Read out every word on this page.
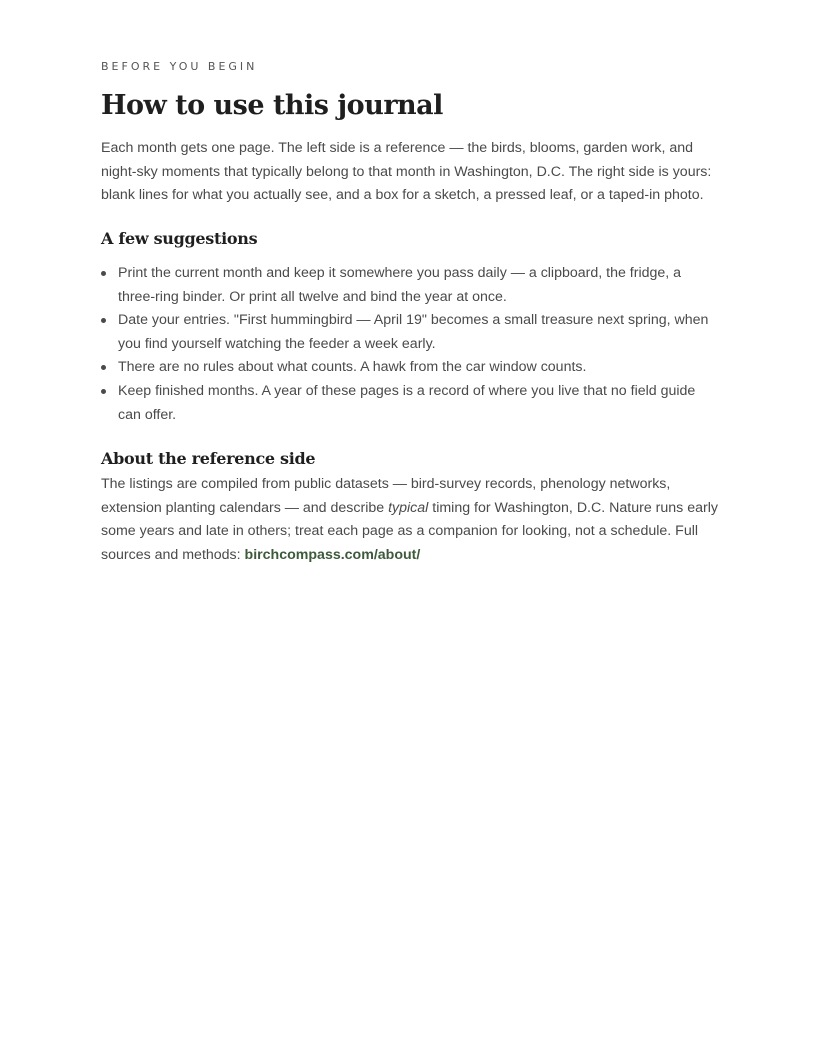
BEFORE YOU BEGIN
How to use this journal

Each month gets one page. The left side is a reference — the birds, blooms, garden work, and night-sky moments that typically belong to that month in Washington, D.C. The right side is yours: blank lines for what you actually see, and a box for a sketch, a pressed leaf, or a taped-in photo.

A few suggestions
Print the current month and keep it somewhere you pass daily — a clipboard, the fridge, a three-ring binder. Or print all twelve and bind the year at once.
Date your entries. "First hummingbird — April 19" becomes a small treasure next spring, when you find yourself watching the feeder a week early.
There are no rules about what counts. A hawk from the car window counts.
Keep finished months. A year of these pages is a record of where you live that no field guide can offer.
About the reference side

The listings are compiled from public datasets — bird-survey records, phenology networks, extension planting calendars — and describe typical timing for Washington, D.C. Nature runs early some years and late in others; treat each page as a companion for looking, not a schedule. Full sources and methods: birchcompass.com/about/
